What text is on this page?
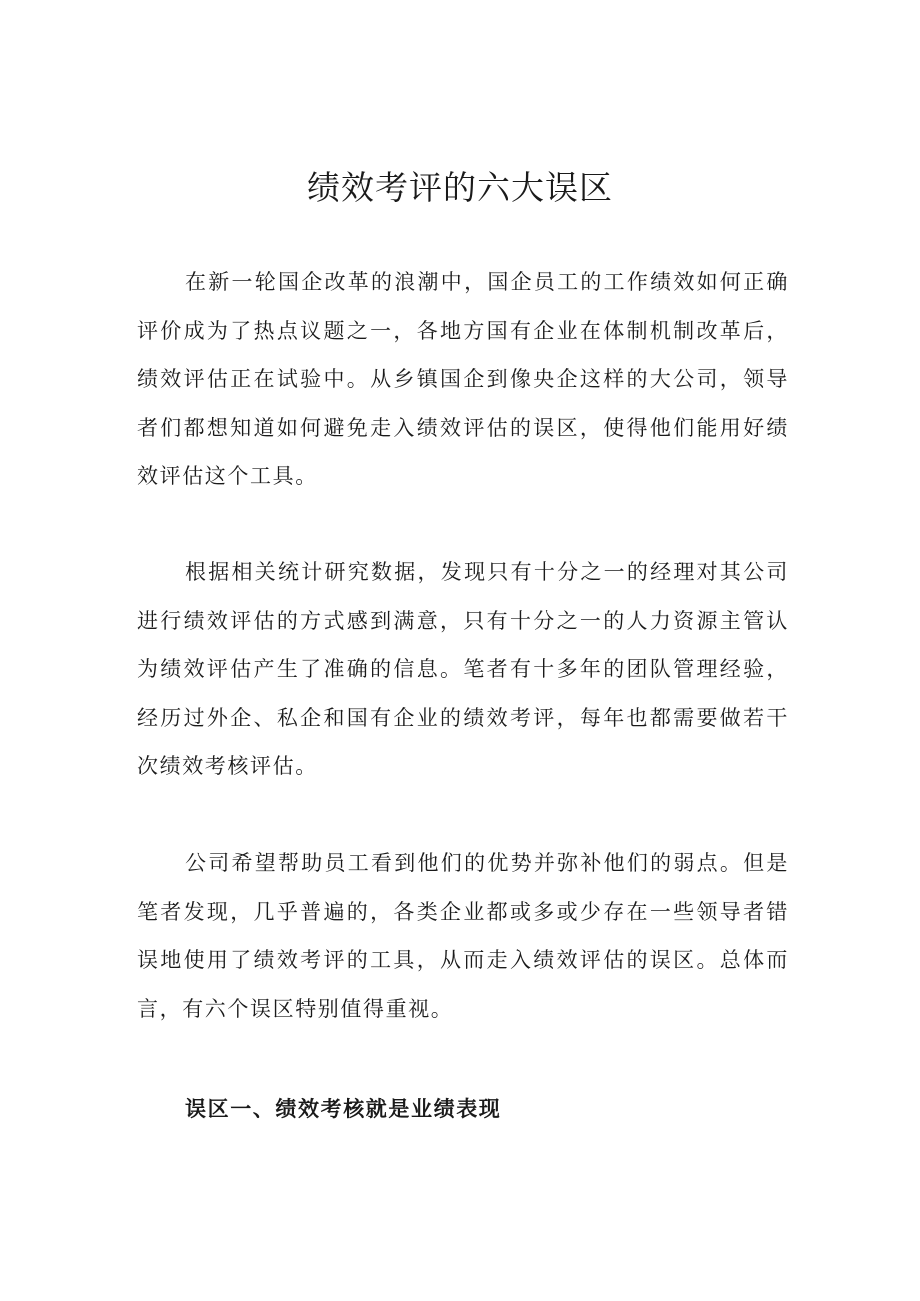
绩效考评的六大误区

在新一轮国企改革的浪潮中，国企员工的工作绩效如何正确评价成为了热点议题之一，各地方国有企业在体制机制改革后，绩效评估正在试验中。从乡镇国企到像央企这样的大公司，领导者们都想知道如何避免走入绩效评估的误区，使得他们能用好绩效评估这个工具。

根据相关统计研究数据，发现只有十分之一的经理对其公司进行绩效评估的方式感到满意，只有十分之一的人力资源主管认为绩效评估产生了准确的信息。笔者有十多年的团队管理经验，经历过外企、私企和国有企业的绩效考评，每年也都需要做若干次绩效考核评估。

公司希望帮助员工看到他们的优势并弥补他们的弱点。但是笔者发现，几乎普遍的，各类企业都或多或少存在一些领导者错误地使用了绩效考评的工具，从而走入绩效评估的误区。总体而言，有六个误区特别值得重视。

误区一、绩效考核就是业绩表现
